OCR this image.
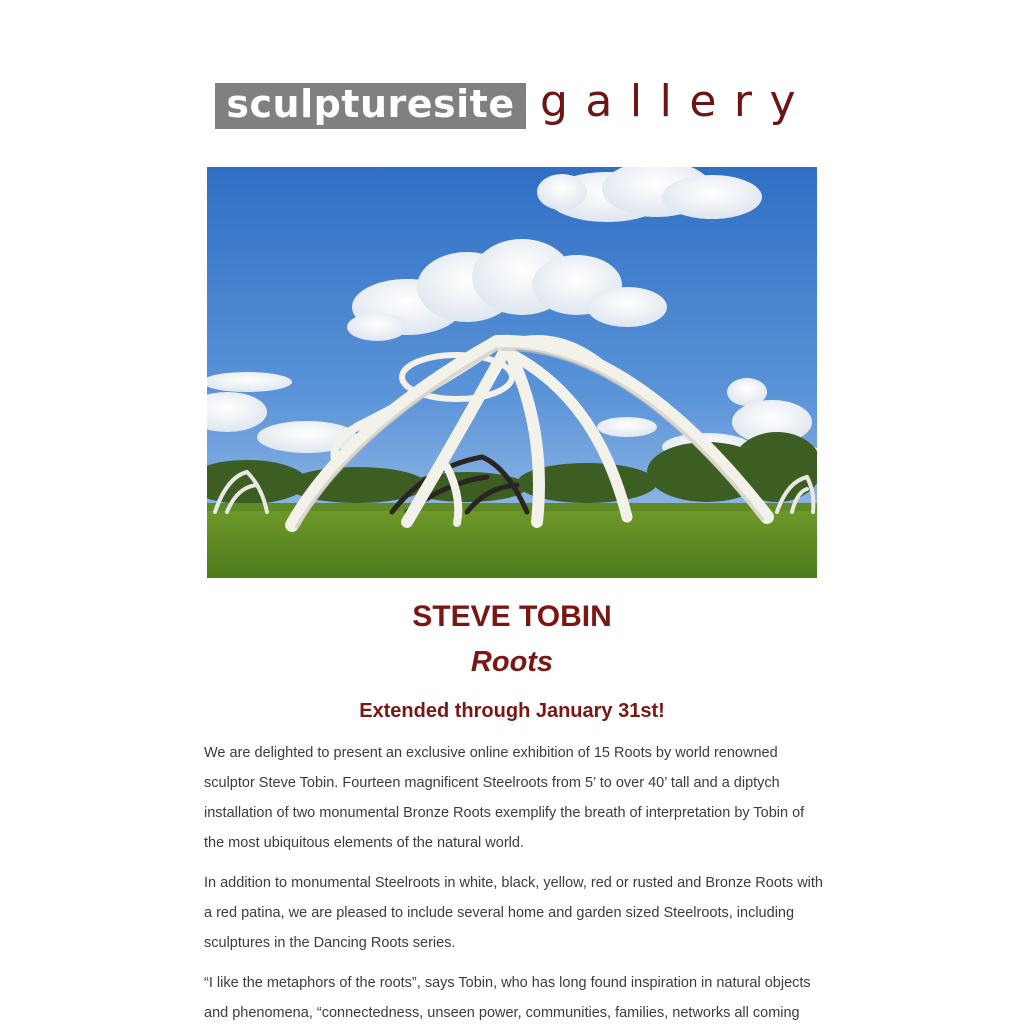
sculpturesite gallery
STEVE TOBIN
Roots
Extended through January 31st!

We are delighted to present an exclusive online exhibition of 15 Roots by world renowned sculptor Steve Tobin. Fourteen magnificent Steelroots from 5’ to over 40’ tall and a diptych installation of two monumental Bronze Roots exemplify the breath of interpretation by Tobin of the most ubiquitous elements of the natural world.

In addition to monumental Steelroots in white, black, yellow, red or rusted and Bronze Roots with a red patina, we are pleased to include several home and garden sized Steelroots, including sculptures in the Dancing Roots series.

“I like the metaphors of the roots”, says Tobin, who has long found inspiration in natural objects and phenomena, “connectedness, unseen power, communities, families, networks all coming
